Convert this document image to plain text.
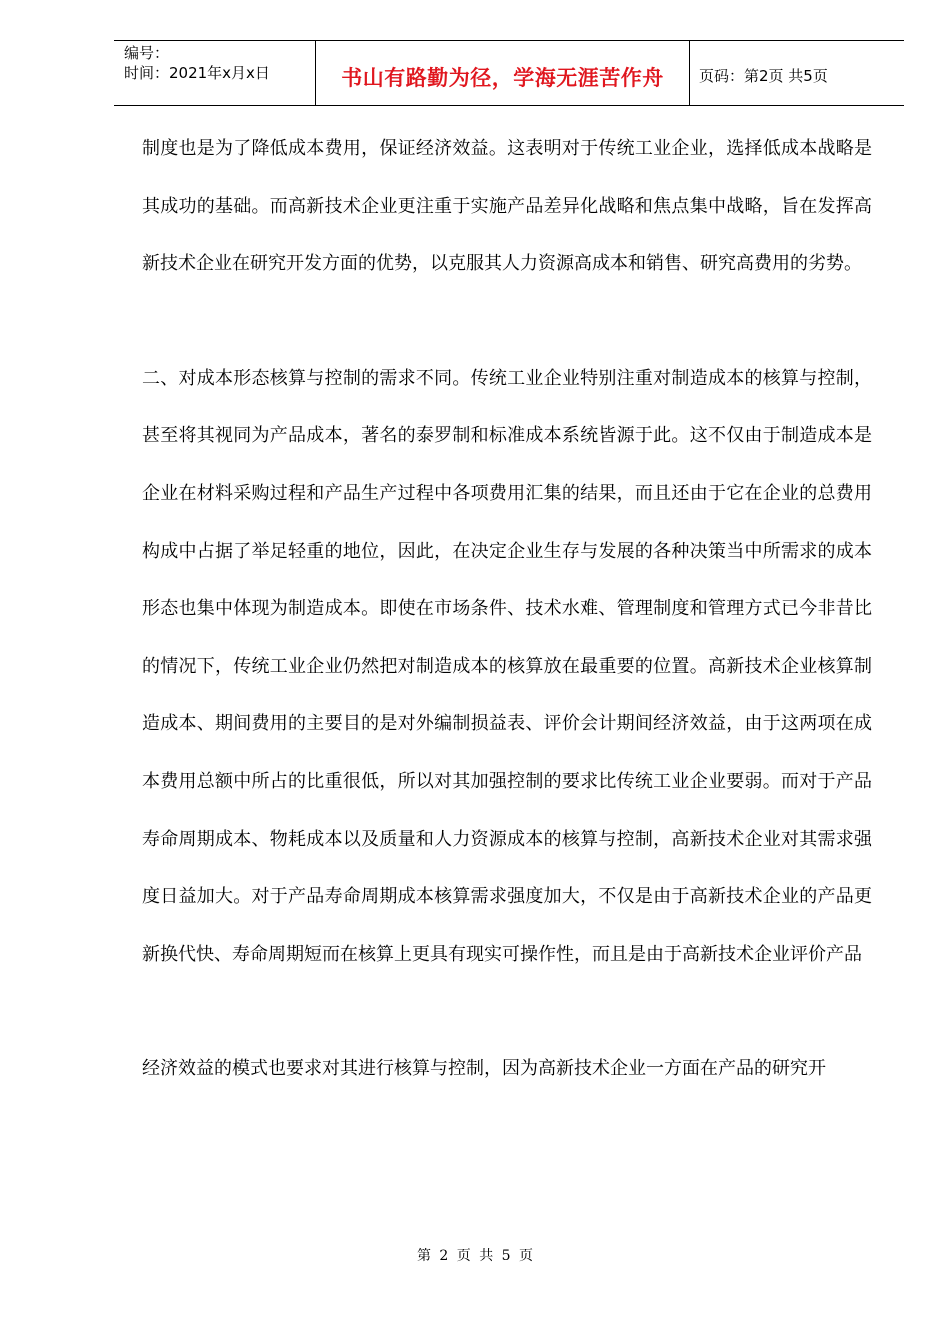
编号：
时间：2021年x月x日	书山有路勤为径，学海无涯苦作舟	页码：第2页 共5页

制度也是为了降低成本费用，保证经济效益。这表明对于传统工业企业，选择低成本战略是其成功的基础。而高新技术企业更注重于实施产品差异化战略和焦点集中战略，旨在发挥高新技术企业在研究开发方面的优势，以克服其人力资源高成本和销售、研究高费用的劣势。

二、对成本形态核算与控制的需求不同。传统工业企业特别注重对制造成本的核算与控制，甚至将其视同为产品成本，著名的泰罗制和标准成本系统皆源于此。这不仅由于制造成本是企业在材料采购过程和产品生产过程中各项费用汇集的结果，而且还由于它在企业的总费用构成中占据了举足轻重的地位，因此，在决定企业生存与发展的各种决策当中所需求的成本形态也集中体现为制造成本。即使在市场条件、技术水难、管理制度和管理方式已今非昔比的情况下，传统工业企业仍然把对制造成本的核算放在最重要的位置。高新技术企业核算制造成本、期间费用的主要目的是对外编制损益表、评价会计期间经济效益，由于这两项在成本费用总额中所占的比重很低，所以对其加强控制的要求比传统工业企业要弱。而对于产品寿命周期成本、物耗成本以及质量和人力资源成本的核算与控制，高新技术企业对其需求强度日益加大。对于产品寿命周期成本核算需求强度加大，不仅是由于高新技术企业的产品更新换代快、寿命周期短而在核算上更具有现实可操作性，而且是由于高新技术企业评价产品

经济效益的模式也要求对其进行核算与控制，因为高新技术企业一方面在产品的研究开

第 2 页 共 5 页
